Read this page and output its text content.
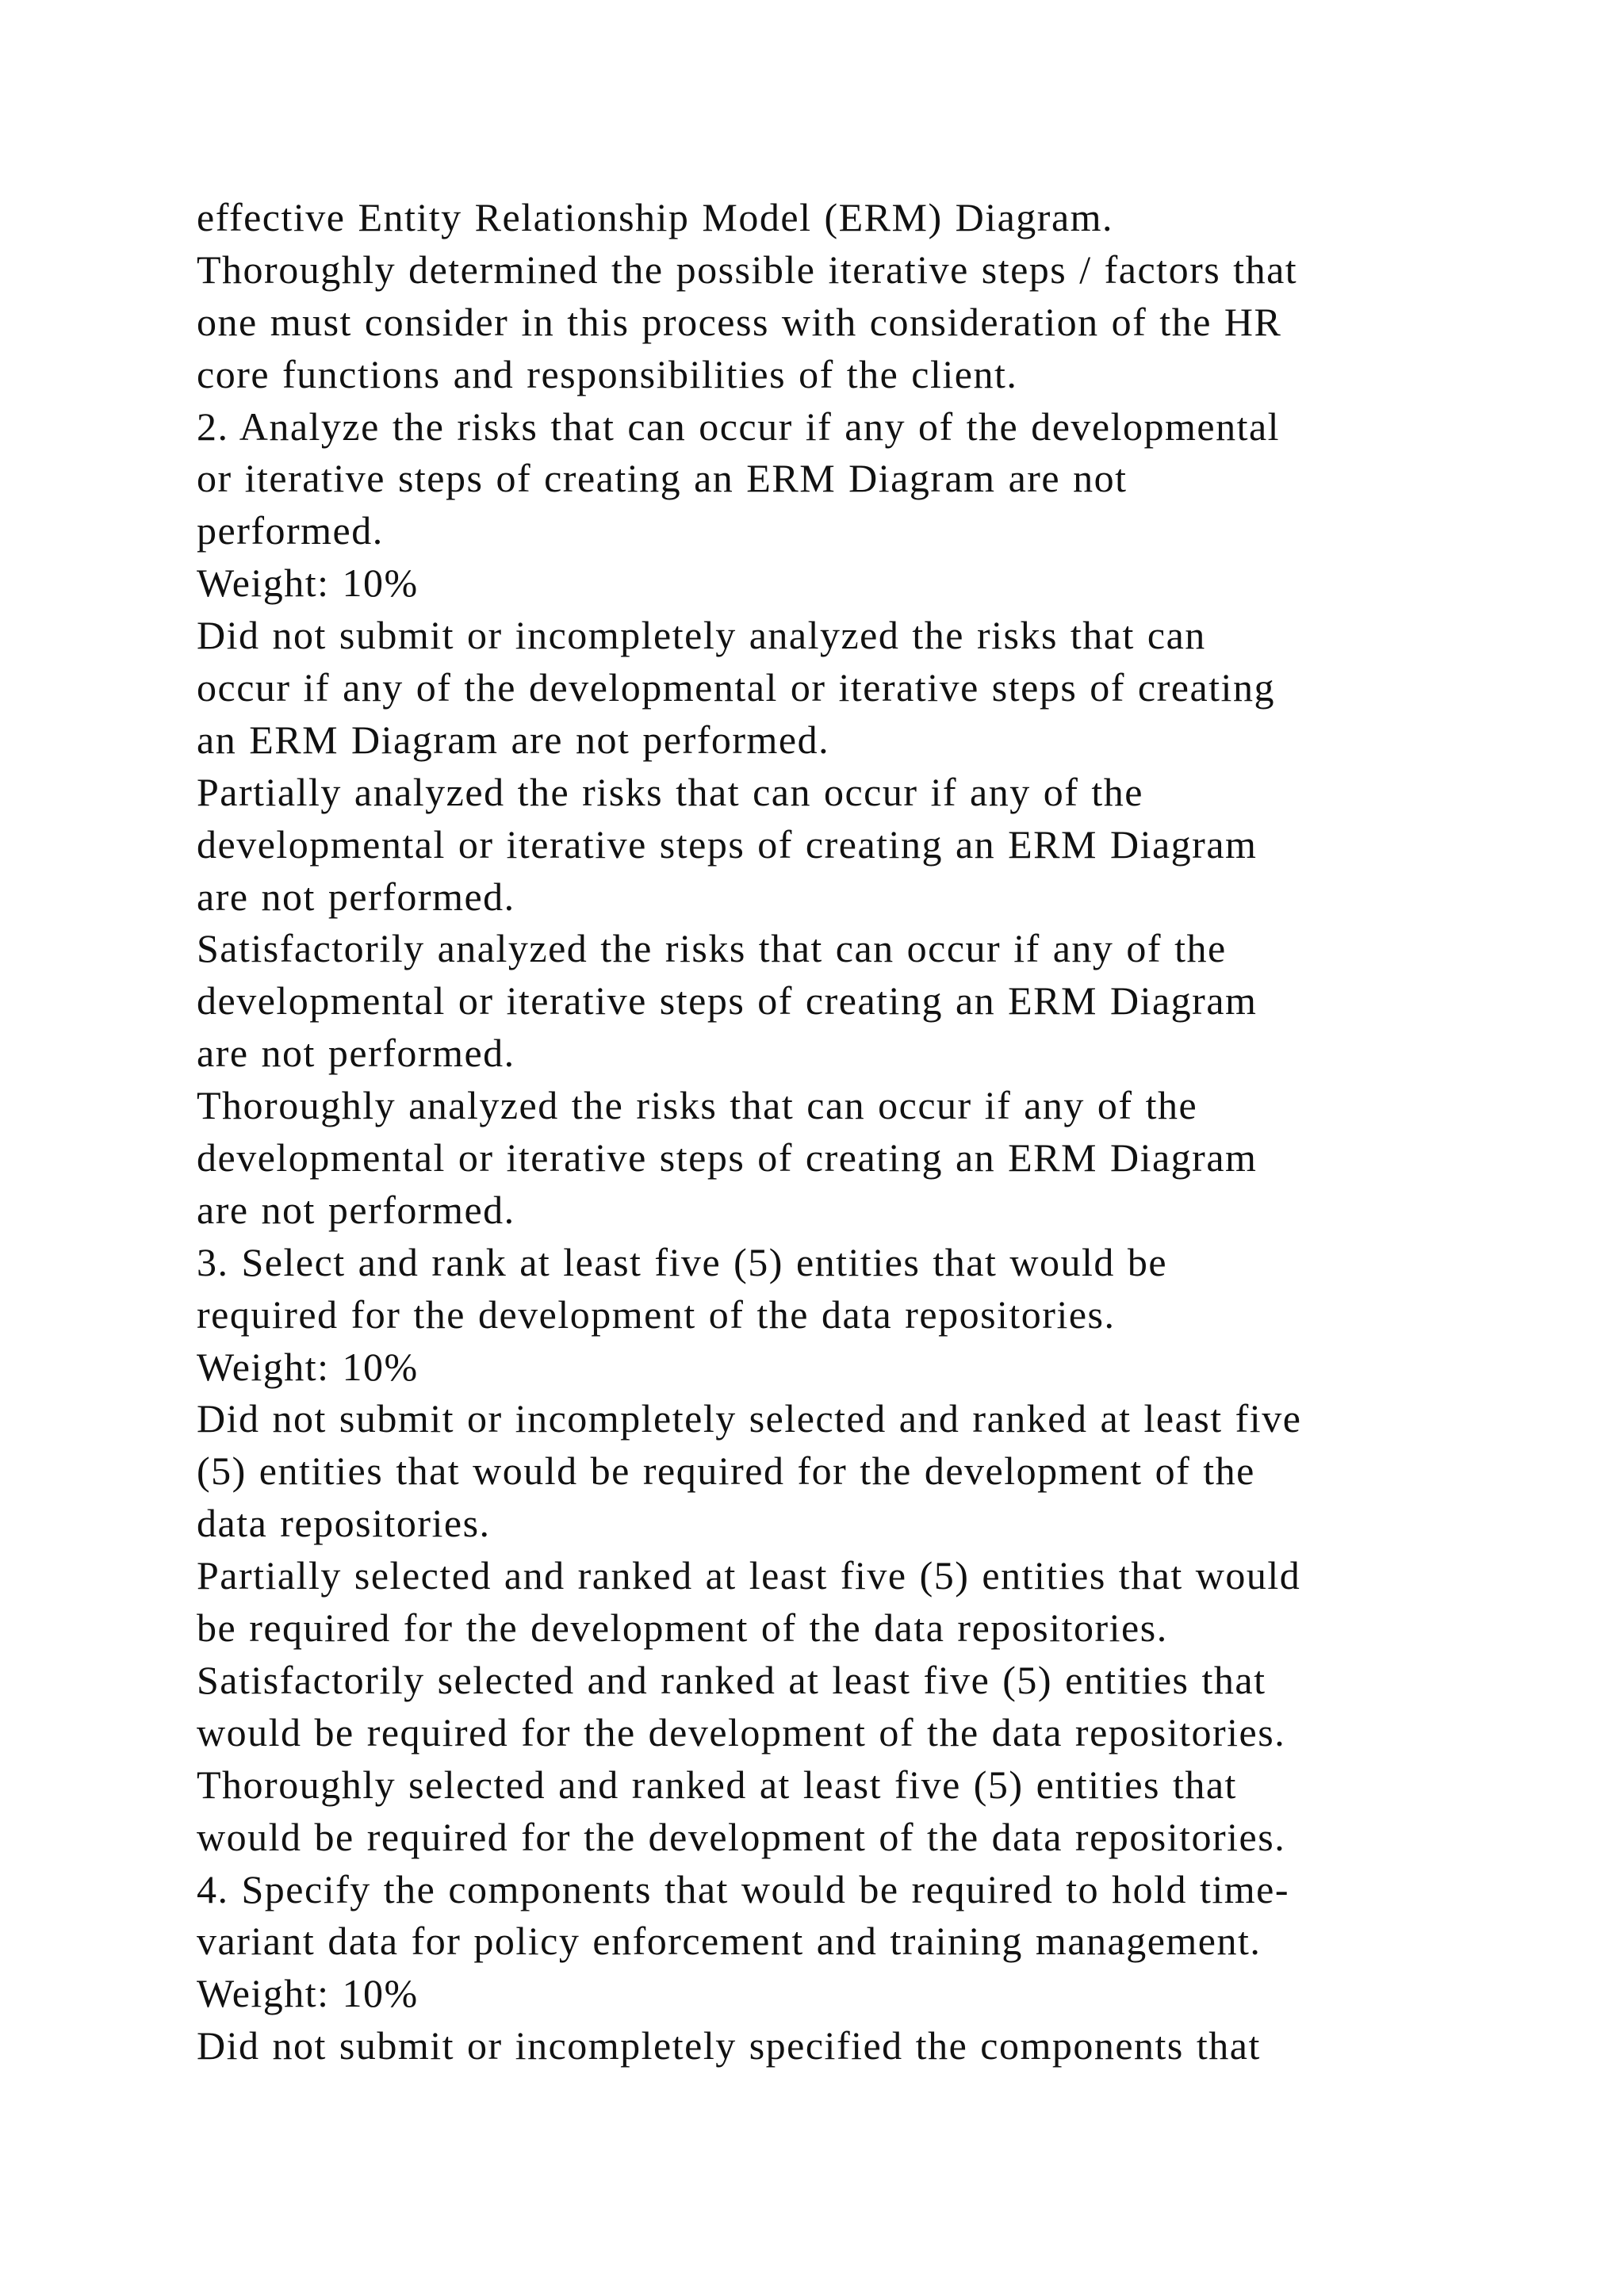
effective Entity Relationship Model (ERM) Diagram.
Thoroughly determined the possible iterative steps / factors that
one must consider in this process with consideration of the HR
core functions and responsibilities of the client.
2. Analyze the risks that can occur if any of the developmental
or iterative steps of creating an ERM Diagram are not
performed.
Weight: 10%
Did not submit or incompletely analyzed the risks that can
occur if any of the developmental or iterative steps of creating
an ERM Diagram are not performed.
Partially analyzed the risks that can occur if any of the
developmental or iterative steps of creating an ERM Diagram
are not performed.
Satisfactorily analyzed the risks that can occur if any of the
developmental or iterative steps of creating an ERM Diagram
are not performed.
Thoroughly analyzed the risks that can occur if any of the
developmental or iterative steps of creating an ERM Diagram
are not performed.
3. Select and rank at least five (5) entities that would be
required for the development of the data repositories.
Weight: 10%
Did not submit or incompletely selected and ranked at least five
(5) entities that would be required for the development of the
data repositories.
Partially selected and ranked at least five (5) entities that would
be required for the development of the data repositories.
Satisfactorily selected and ranked at least five (5) entities that
would be required for the development of the data repositories.
Thoroughly selected and ranked at least five (5) entities that
would be required for the development of the data repositories.
4. Specify the components that would be required to hold time-
variant data for policy enforcement and training management.
Weight: 10%
Did not submit or incompletely specified the components that
